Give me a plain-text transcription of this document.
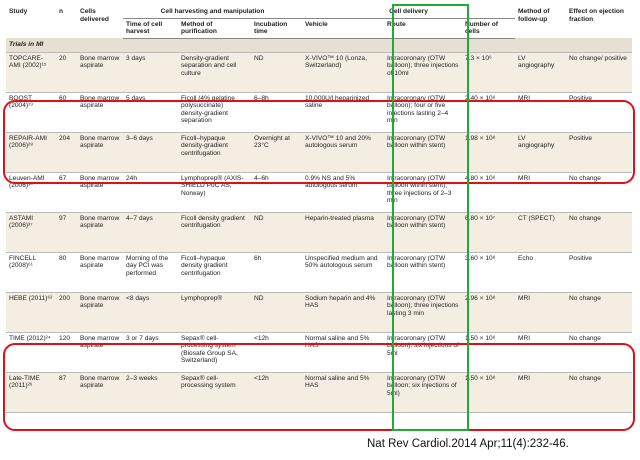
Study	n	Cells delivered	Cell harvesting and manipulation			Cell delivery			Method of follow-up	Effect on ejection fraction
			Time of cell harvest	Method of purification	Incubation time	Vehicle	Route	Number of cells		
Trials in MI										
TOPCARE-AMI (2002)¹⁵	20	Bone marrow aspirate	3 days	Density-gradient separation and cell culture	ND	X-VIVO™ 10 (Lonza, Switzerland)	Intracoronary (OTW balloon); three injections of 10ml	7.3 × 10⁶	LV angiography	No change/ positive
BOOST (2004)¹⁹	60	Bone marrow aspirate	5 days	Ficoll (4% gelatine polysuccinate) density-gradient separation	6–8h	10,000U/l heparinized saline	Intracoronary (OTW balloon); four or five injections lasting 2–4 min	2.40 × 10⁸	MRI	Positive
REPAIR-AMI (2006)²⁸	204	Bone marrow aspirate	3–6 days	Ficoll–hypaque density-gradient centrifugation	Overnight at 23°C	X-VIVO™ 10 and 20% autologous serum	Intracoronary (OTW balloon within stent)	1.98 × 10⁸	LV angiography	Positive
Leuven-AMI (2006)³⁰	67	Bone marrow aspirate	24h	Lymphoprep® (AXIS-SHIELD PoC AS, Norway)	4–6h	0.9% NS and 5% autologous serum	Intracoronary (OTW balloon within stent); three injections of 2–3 min	4.80 × 10⁸	MRI	No change
ASTAMI (2006)³⁷	97	Bone marrow aspirate	4–7 days	Ficoll density gradient centrifugation	ND	Heparin-treated plasma	Intracoronary (OTW balloon within stent)	6.80 × 10⁷	CT (SPECT)	No change
FINCELL (2008)⁶¹	80	Bone marrow aspirate	Morning of the day PCI was performed	Ficoll–hypaque density gradient centrifugation	6h	Unspecified medium and 50% autologous serum	Intracoronary (OTW balloon within stent)	3.60 × 10⁸	Echo	Positive
HEBE (2011)⁶²	200	Bone marrow aspirate	<8 days	Lymphoprep®	ND	Sodium heparin and 4% HAS	Intracoronary (OTW balloon); three injections lasting 3 min	2.96 × 10⁸	MRI	No change
TIME (2012)²⁴	120	Bone marrow aspirate	3 or 7 days	Sepax® cell-processing system (Biosafe Group SA, Switzerland)	<12h	Normal saline and 5% HAS	Intracoronary (OTW balloon); six injections of 5ml	1.50 × 10⁸	MRI	No change
Late-TIME (2011)²⁶	87	Bone marrow aspirate	2–3 weeks	Sepax® cell-processing system	<12h	Normal saline and 5% HAS	Intracoronary (OTW balloon; six injections of 5ml)	1.50 × 10⁸	MRI	No change
Nat Rev Cardiol.2014 Apr;11(4):232-46.
